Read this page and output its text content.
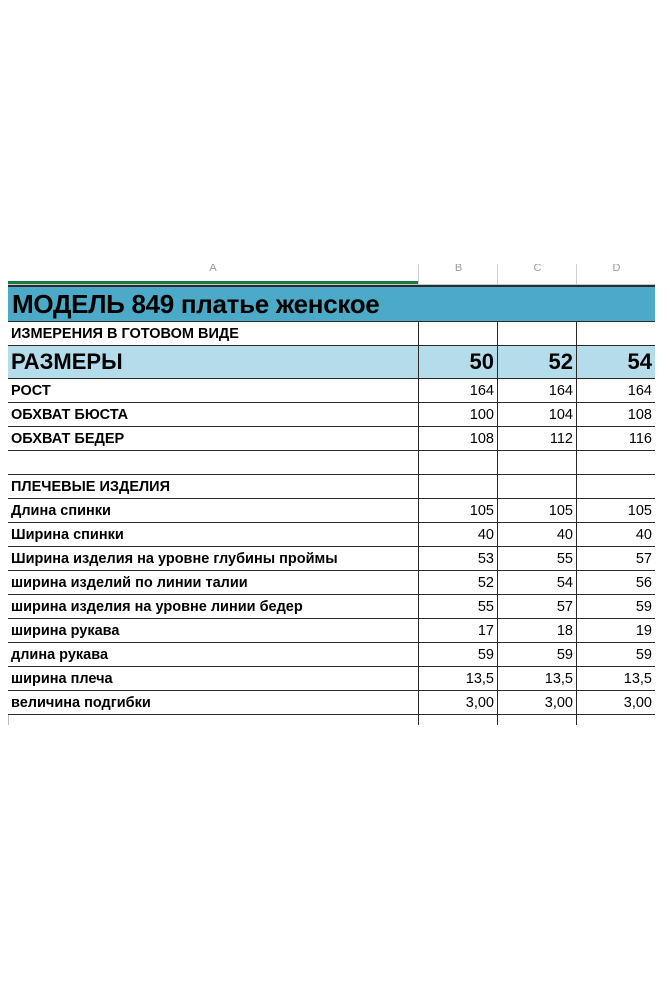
A	B	C	D
МОДЕЛЬ 849 платье женское
ИЗМЕРЕНИЯ В ГОТОВОМ ВИДЕ
РАЗМЕРЫ	50	52	54
РОСТ	164	164	164
ОБХВАТ БЮСТА	100	104	108
ОБХВАТ БЕДЕР	108	112	116
ПЛЕЧЕВЫЕ ИЗДЕЛИЯ
Длина спинки	105	105	105
Ширина спинки	40	40	40
Ширина изделия на уровне глубины проймы	53	55	57
ширина изделий по линии талии	52	54	56
ширина изделия на уровне линии бедер	55	57	59
ширина рукава	17	18	19
длина рукава	59	59	59
ширина плеча	13,5	13,5	13,5
величина подгибки	3,00	3,00	3,00
